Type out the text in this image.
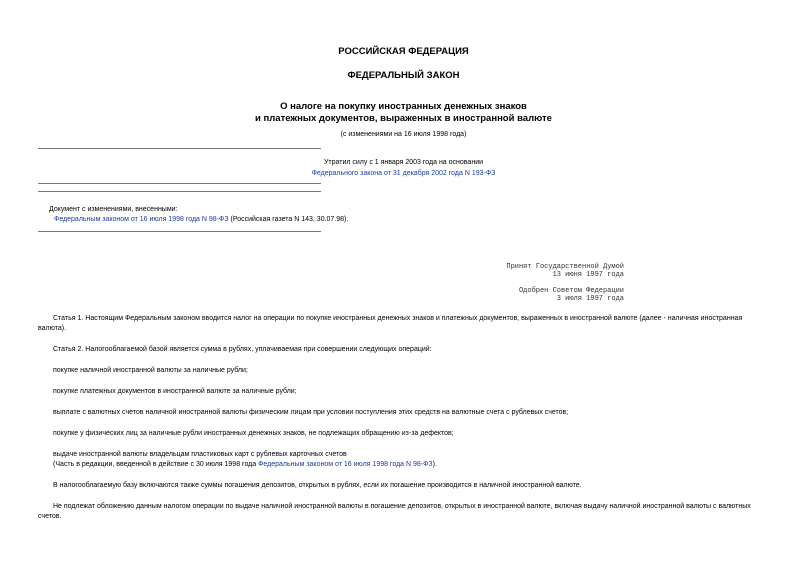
РОССИЙСКАЯ ФЕДЕРАЦИЯ
ФЕДЕРАЛЬНЫЙ ЗАКОН
О налоге на покупку иностранных денежных знаков
и платежных документов, выраженных в иностранной валюте
(с изменениями на 16 июля 1998 года)
Утратил силу с 1 января 2003 года на основании
Федерального закона от 31 декабря 2002 года N 193-ФЗ
Документ с изменениями, внесенными:
Федеральным законом от 16 июля 1998 года N 98-ФЗ (Российская газета N 143, 30.07.98).
Принят Государственной Думой
13 июня 1997 года
Одобрен Советом Федерации
3 июля 1997 года
Статья 1. Настоящим Федеральным законом вводится налог на операции по покупке иностранных денежных знаков и платежных документов, выраженных в иностранной валюте (далее - наличная иностранная валюта).
Статья 2. Налогооблагаемой базой является сумма в рублях, уплачиваемая при совершении следующих операций:
покупке наличной иностранной валюты за наличные рубли;
покупке платежных документов в иностранной валюте за наличные рубли;
выплате с валютных счетов наличной иностранной валюты физическим лицам при условии поступления этих средств на валютные счета с рублевых счетов;
покупке у физических лиц за наличные рубли иностранных денежных знаков, не подлежащих обращению из-за дефектов;
выдаче иностранной валюты владельцам пластиковых карт с рублевых карточных счетов
(Часть в редакции, введенной в действие с 30 июля 1998 года Федеральным законом от 16 июля 1998 года N 98-ФЗ).
В налогооблагаемую базу включаются также суммы погашения депозитов, открытых в рублях, если их погашение производится в наличной иностранной валюте.
Не подлежат обложению данным налогом операции по выдаче наличной иностранной валюты в погашение депозитов, открытых в иностранной валюте, включая выдачу наличной иностранной валюты с валютных счетов.
